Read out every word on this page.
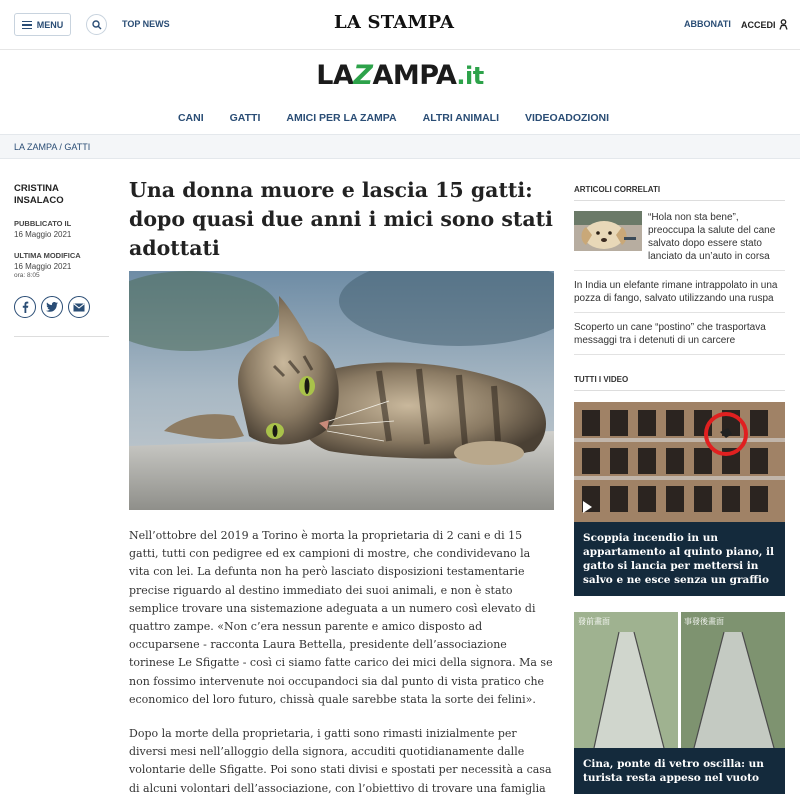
MENU	TOP NEWS	LA STAMPA	ABBONATI ACCEDI
LAZAMPA.it
CANI GATTI AMICI PER LA ZAMPA ALTRI ANIMALI VIDEOADOZIONI
LA ZAMPA / GATTI
CRISTINA INSALACO
PUBBLICATO IL
16 Maggio 2021
ULTIMA MODIFICA
16 Maggio 2021
ora: 8:05
Una donna muore e lascia 15 gatti: dopo quasi due anni i mici sono stati adottati

Nell’ottobre del 2019 a Torino è morta la proprietaria di 2 cani e di 15 gatti, tutti con pedigree ed ex campioni di mostre, che condividevano la vita con lei. La defunta non ha però lasciato disposizioni testamentarie precise riguardo al destino immediato dei suoi animali, e non è stato semplice trovare una sistemazione adeguata a un numero così elevato di quattro zampe. «Non c’era nessun parente e amico disposto ad occuparsene - racconta Laura Bettella, presidente dell’associazione torinese Le Sfigatte - così ci siamo fatte carico dei mici della signora. Ma se non fossimo intervenute noi occupandoci sia dal punto di vista pratico che economico del loro futuro, chissà quale sarebbe stata la sorte dei felini».

Dopo la morte della proprietaria, i gatti sono rimasti inizialmente per diversi mesi nell’alloggio della signora, accuditi quotidianamente dalle volontarie delle Sfigatte. Poi sono stati divisi e spostati per necessità a casa di alcuni volontari dell’associazione, con l’obiettivo di trovare una famiglia

ARTICOLI CORRELATI
“Hola non sta bene”, preoccupa la salute del cane salvato dopo essere stato lanciato da un’auto in corsa
In India un elefante rimane intrappolato in una pozza di fango, salvato utilizzando una ruspa
Scoperto un cane “postino” che trasportava messaggi tra i detenuti di un carcere
TUTTI I VIDEO
Scoppia incendio in un appartamento al quinto piano, il gatto si lancia per mettersi in salvo e ne esce senza un graffio
發前畫面	事發後畫面
Cina, ponte di vetro oscilla: un turista resta appeso nel vuoto
